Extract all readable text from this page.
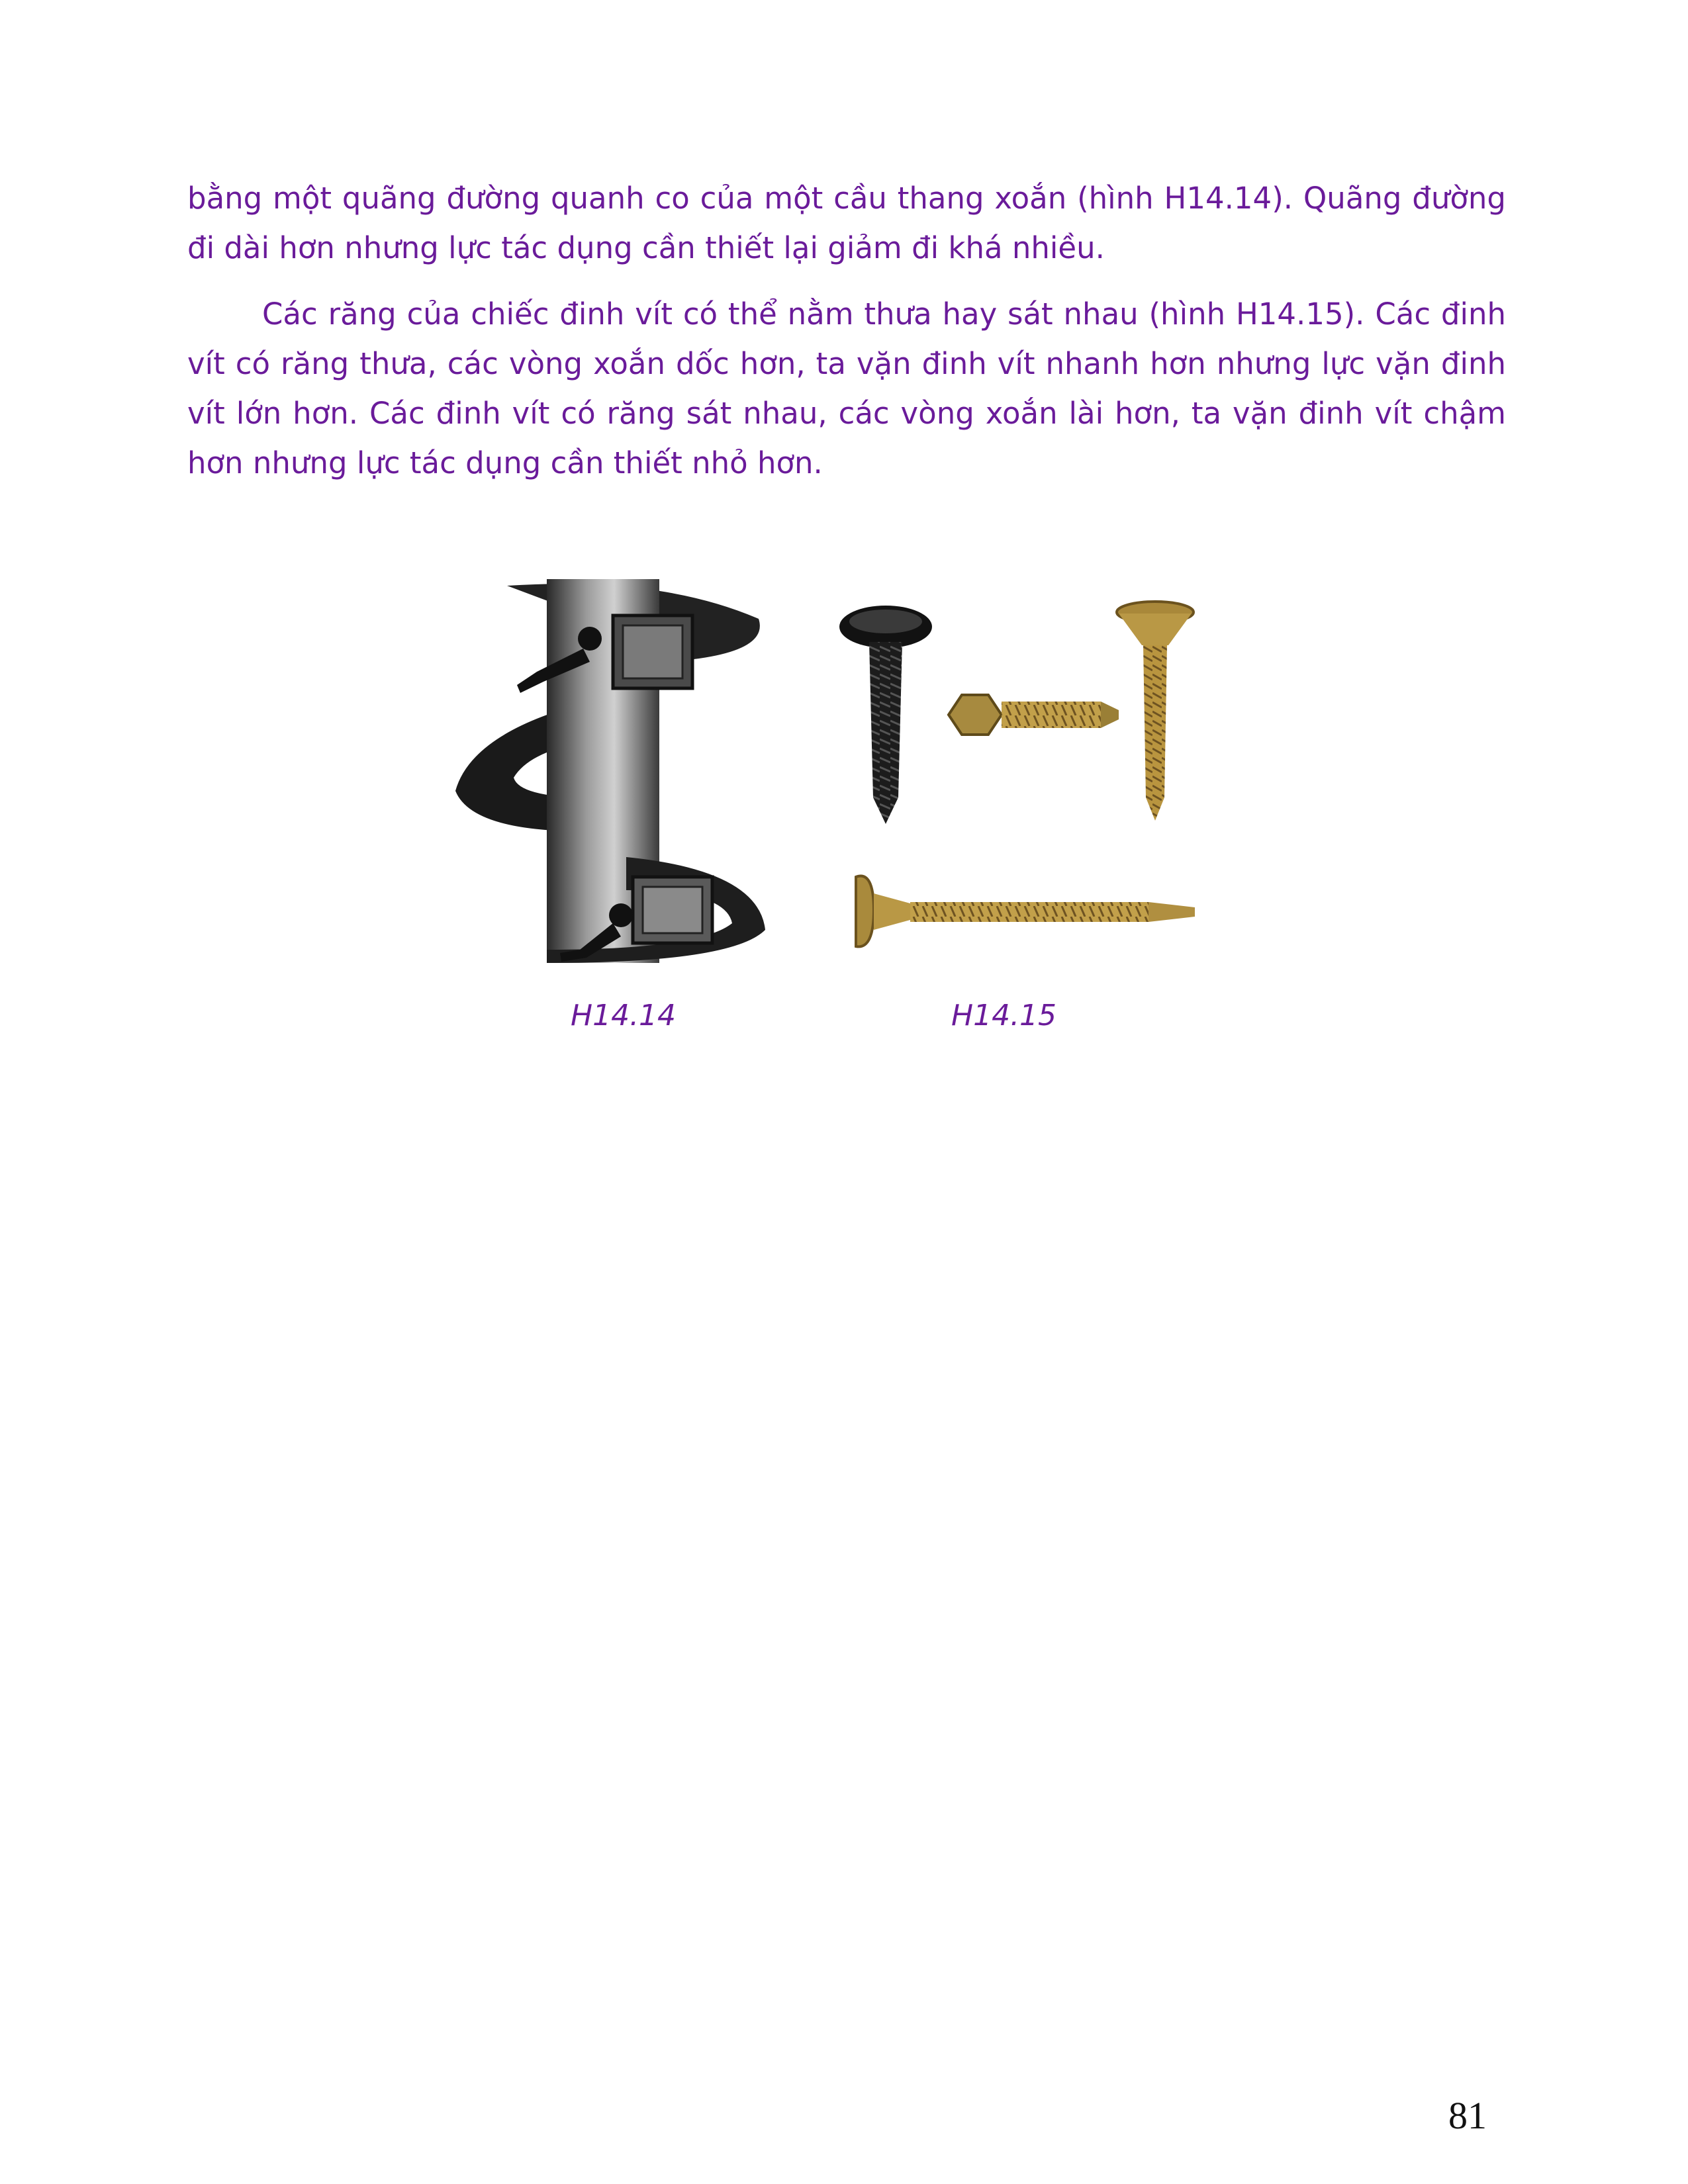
bằng một quãng đường quanh co của một cầu thang xoắn (hình H14.14). Quãng đường đi dài hơn nhưng lực tác dụng cần thiết lại giảm đi khá nhiều.

Các răng của chiếc đinh vít có thể nằm thưa hay sát nhau (hình H14.15). Các đinh vít có răng thưa, các vòng xoắn dốc hơn, ta vặn đinh vít nhanh hơn nhưng lực vặn đinh vít lớn hơn. Các đinh vít có răng sát nhau, các vòng xoắn lài hơn, ta vặn đinh vít chậm hơn nhưng lực tác dụng cần thiết nhỏ hơn.

H14.14	H14.15
81
